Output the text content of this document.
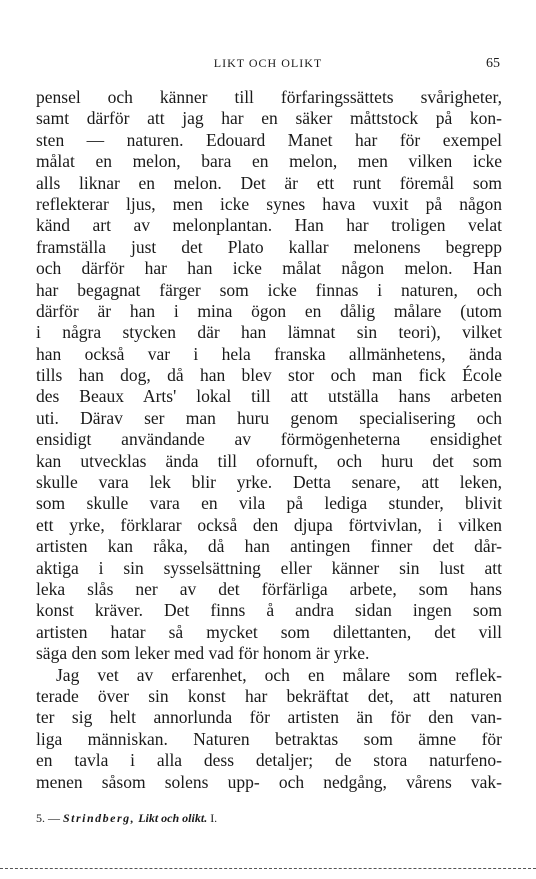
LIKT OCH OLIKT	65
pensel och känner till förfaringssättets svårigheter,
samt därför att jag har en säker måttstock på kon-
sten — naturen. Edouard Manet har för exempel
målat en melon, bara en melon, men vilken icke
alls liknar en melon. Det är ett runt föremål som
reflekterar ljus, men icke synes hava vuxit på någon
känd art av melonplantan. Han har troligen velat
framställa just det Plato kallar melonens begrepp
och därför har han icke målat någon melon. Han
har begagnat färger som icke finnas i naturen, och
därför är han i mina ögon en dålig målare (utom
i några stycken där han lämnat sin teori), vilket
han också var i hela franska allmänhetens, ända
tills han dog, då han blev stor och man fick École
des Beaux Arts' lokal till att utställa hans arbeten
uti. Därav ser man huru genom specialisering och
ensidigt användande av förmögenheterna ensidighet
kan utvecklas ända till ofornuft, och huru det som
skulle vara lek blir yrke. Detta senare, att leken,
som skulle vara en vila på lediga stunder, blivit
ett yrke, förklarar också den djupa förtvivlan, i vilken
artisten kan råka, då han antingen finner det dår-
aktiga i sin sysselsättning eller känner sin lust att
leka slås ner av det förfärliga arbete, som hans
konst kräver. Det finns å andra sidan ingen som
artisten hatar så mycket som dilettanten, det vill
säga den som leker med vad för honom är yrke.
Jag vet av erfarenhet, och en målare som reflek-
terade över sin konst har bekräftat det, att naturen
ter sig helt annorlunda för artisten än för den van-
liga människan. Naturen betraktas som ämne för
en tavla i alla dess detaljer; de stora naturfeno-
menen såsom solens upp- och nedgång, vårens vak-
5. — Strindberg, Likt och olikt. I.
